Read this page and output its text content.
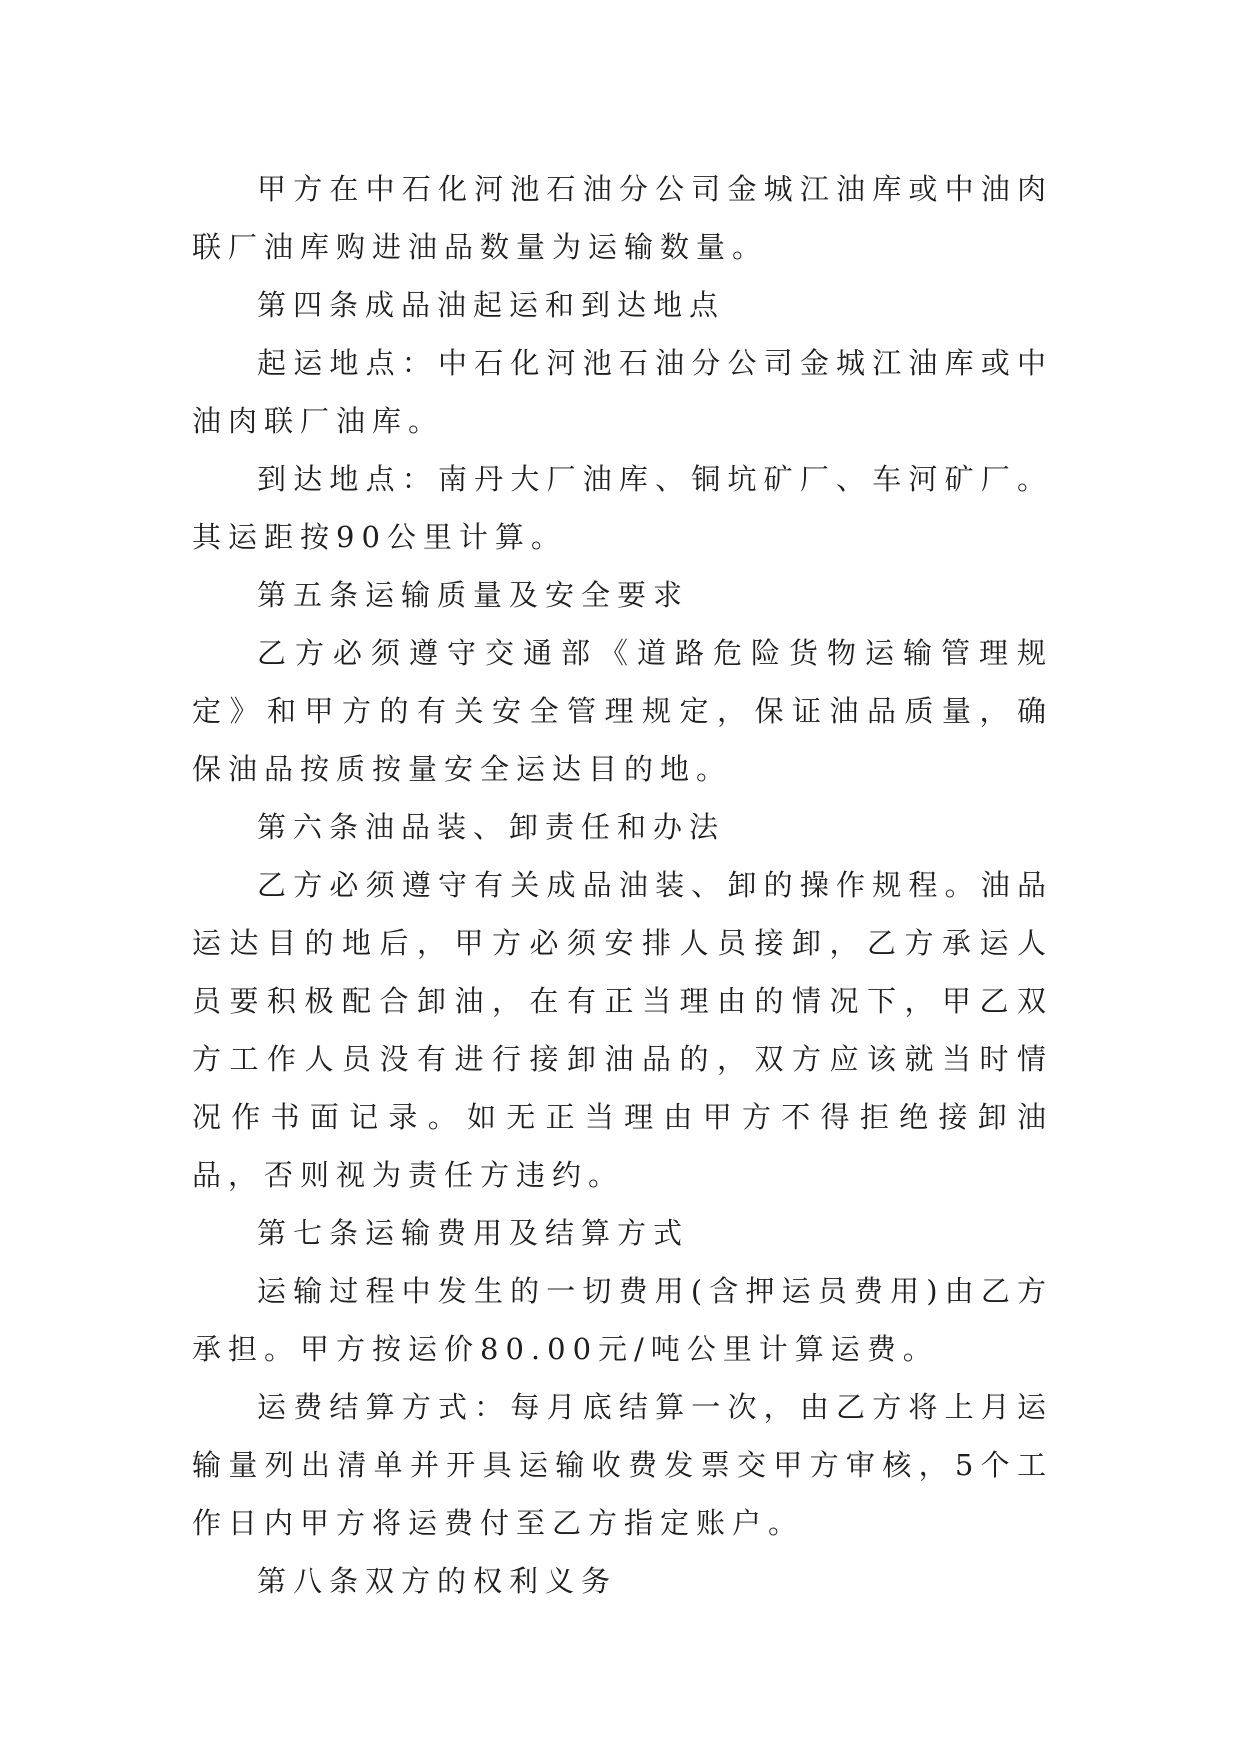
甲方在中石化河池石油分公司金城江油库或中油肉联厂油库购进油品数量为运输数量。

第四条成品油起运和到达地点

起运地点：中石化河池石油分公司金城江油库或中油肉联厂油库。

到达地点：南丹大厂油库、铜坑矿厂、车河矿厂。其运距按90公里计算。

第五条运输质量及安全要求

乙方必须遵守交通部《道路危险货物运输管理规定》和甲方的有关安全管理规定，保证油品质量，确保油品按质按量安全运达目的地。

第六条油品装、卸责任和办法

乙方必须遵守有关成品油装、卸的操作规程。油品运达目的地后，甲方必须安排人员接卸，乙方承运人员要积极配合卸油，在有正当理由的情况下，甲乙双方工作人员没有进行接卸油品的，双方应该就当时情况作书面记录。如无正当理由甲方不得拒绝接卸油品，否则视为责任方违约。

第七条运输费用及结算方式

运输过程中发生的一切费用(含押运员费用)由乙方承担。甲方按运价80.00元/吨公里计算运费。

运费结算方式：每月底结算一次，由乙方将上月运输量列出清单并开具运输收费发票交甲方审核，5个工作日内甲方将运费付至乙方指定账户。

第八条双方的权利义务
